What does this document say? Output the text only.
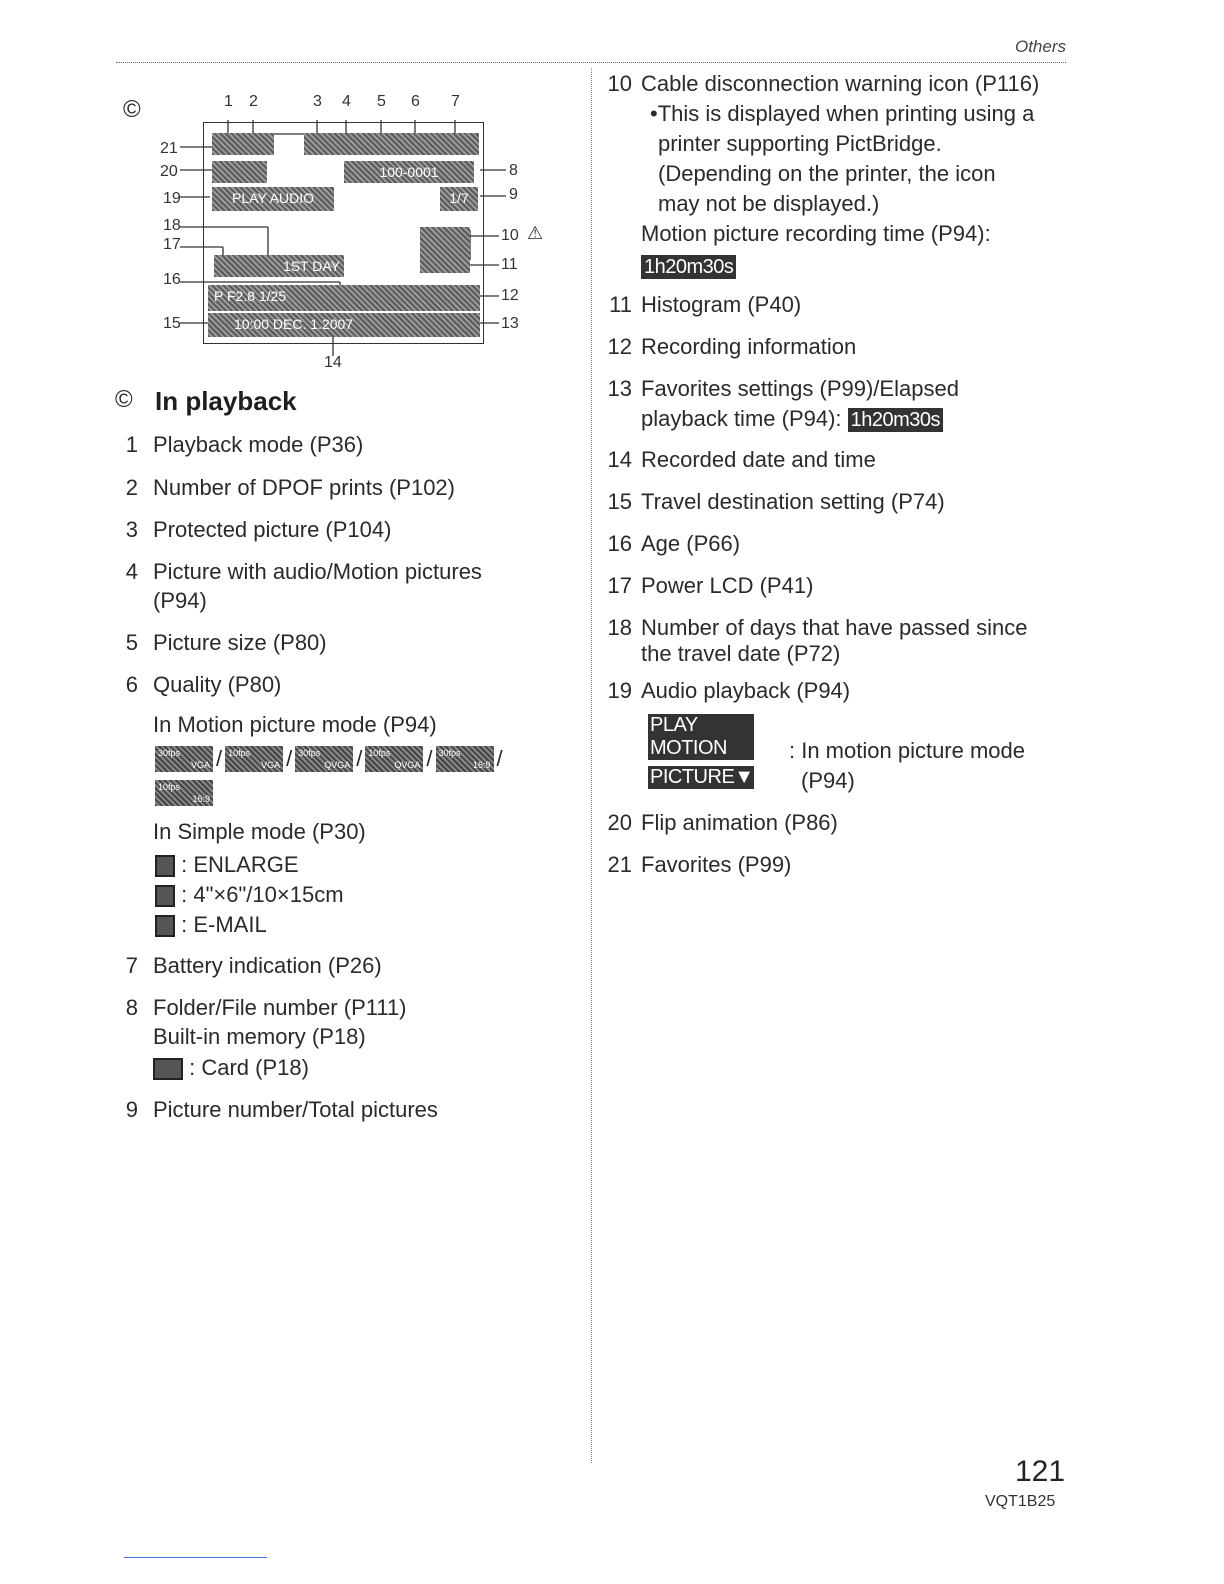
Others
©	1 2	3 4 5 6 7
21
20
19
18
17
16
15
8
9
10
11
12
13
14
⚠
100-0001
PLAY AUDIO	1/7
1ST DAY
P F2.8 1/25
10:00 DEC. 1.2007
© In playback
1 Playback mode (P36)
2 Number of DPOF prints (P102)
3 Protected picture (P104)
4 Picture with audio/Motion pictures
(P94)
5 Picture size (P80)
6 Quality (P80)
In Motion picture mode (P94)
30fps
VGA / 10fps
VGA / 30fps
QVGA / 10fps
QVGA / 30fps
16:9 /
10fps
16:9
In Simple mode (P30)
: ENLARGE
: 4"×6"/10×15cm
: E-MAIL
7 Battery indication (P26)
8 Folder/File number (P111)
Built-in memory (P18)
: Card (P18)
9 Picture number/Total pictures
10 Cable disconnection warning icon (P116)
•This is displayed when printing using a
printer supporting PictBridge.
(Depending on the printer, the icon
may not be displayed.)
Motion picture recording time (P94):
1h20m30s
11 Histogram (P40)
12 Recording information
13 Favorites settings (P99)/Elapsed
playback time (P94): 1h20m30s
14 Recorded date and time
15 Travel destination setting (P74)
16 Age (P66)
17 Power LCD (P41)
18 Number of days that have passed since
the travel date (P72)
19 Audio playback (P94)
PLAY MOTION
PICTURE▼
: In motion picture mode
(P94)
20 Flip animation (P86)
21 Favorites (P99)
121
VQT1B25
